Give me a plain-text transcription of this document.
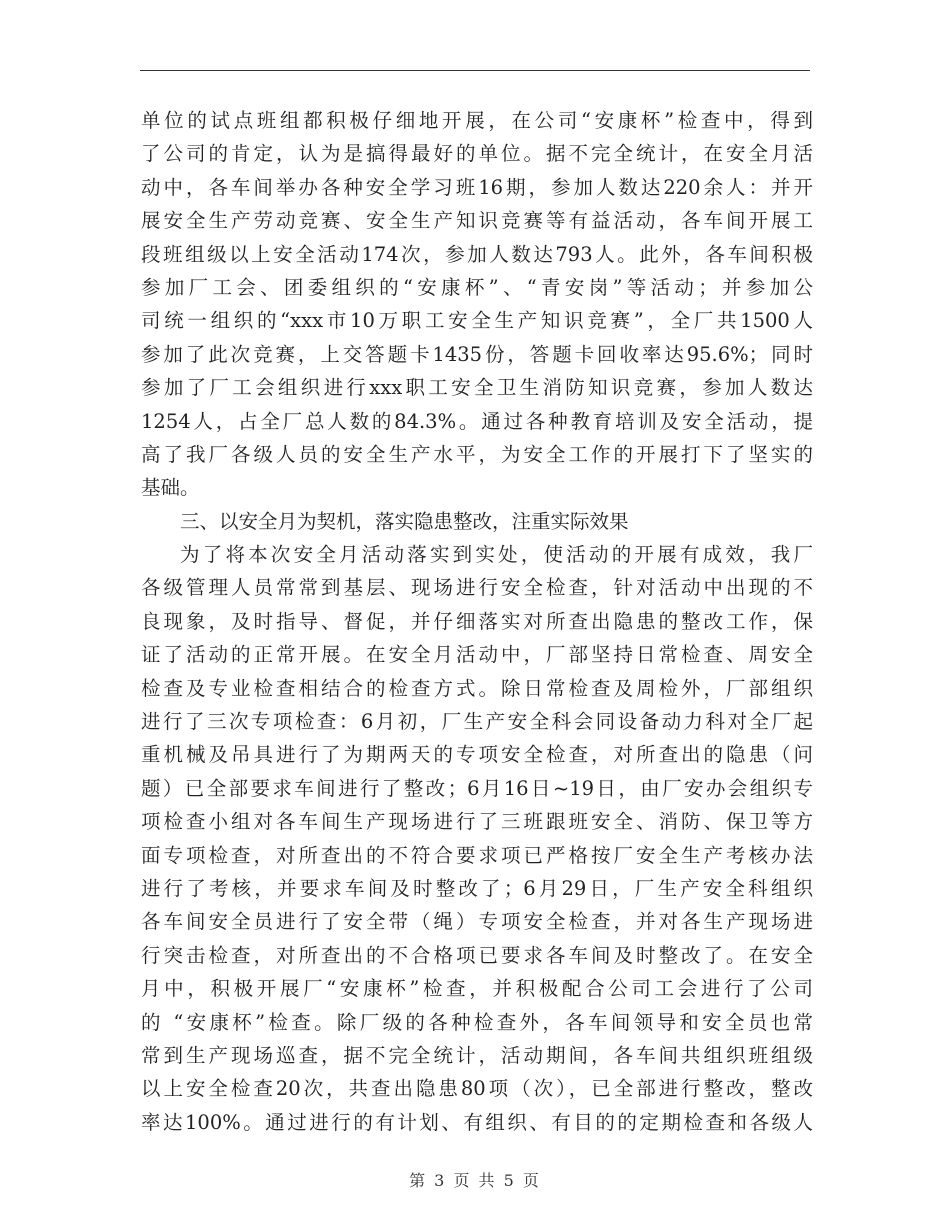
单位的试点班组都积极仔细地开展，在公司“安康杯”检查中，得到
了公司的肯定，认为是搞得最好的单位。据不完全统计，在安全月活
动中，各车间举办各种安全学习班16期，参加人数达220余人：并开
展安全生产劳动竞赛、安全生产知识竞赛等有益活动，各车间开展工
段班组级以上安全活动174次，参加人数达793人。此外，各车间积极
参加厂工会、团委组织的“安康杯”、“青安岗”等活动；并参加公
司统一组织的“xxx市10万职工安全生产知识竞赛”，全厂共1500人
参加了此次竞赛，上交答题卡1435份，答题卡回收率达95.6%；同时
参加了厂工会组织进行xxx职工安全卫生消防知识竞赛，参加人数达
1254人，占全厂总人数的84.3%。通过各种教育培训及安全活动，提
高了我厂各级人员的安全生产水平，为安全工作的开展打下了坚实的
基础。
三、以安全月为契机，落实隐患整改，注重实际效果
为了将本次安全月活动落实到实处，使活动的开展有成效，我厂
各级管理人员常常到基层、现场进行安全检查，针对活动中出现的不
良现象，及时指导、督促，并仔细落实对所查出隐患的整改工作，保
证了活动的正常开展。在安全月活动中，厂部坚持日常检查、周安全
检查及专业检查相结合的检查方式。除日常检查及周检外，厂部组织
进行了三次专项检查：6月初，厂生产安全科会同设备动力科对全厂起
重机械及吊具进行了为期两天的专项安全检查，对所查出的隐患（问
题）已全部要求车间进行了整改；6月16日~19日，由厂安办会组织专
项检查小组对各车间生产现场进行了三班跟班安全、消防、保卫等方
面专项检查，对所查出的不符合要求项已严格按厂安全生产考核办法
进行了考核，并要求车间及时整改了；6月29日，厂生产安全科组织
各车间安全员进行了安全带（绳）专项安全检查，并对各生产现场进
行突击检查，对所查出的不合格项已要求各车间及时整改了。在安全
月中，积极开展厂“安康杯”检查，并积极配合公司工会进行了公司
的 “安康杯”检查。除厂级的各种检查外，各车间领导和安全员也常
常到生产现场巡查，据不完全统计，活动期间，各车间共组织班组级
以上安全检查20次，共查出隐患80项（次），已全部进行整改，整改
率达100%。通过进行的有计划、有组织、有目的的定期检查和各级人
第 3 页 共 5 页
